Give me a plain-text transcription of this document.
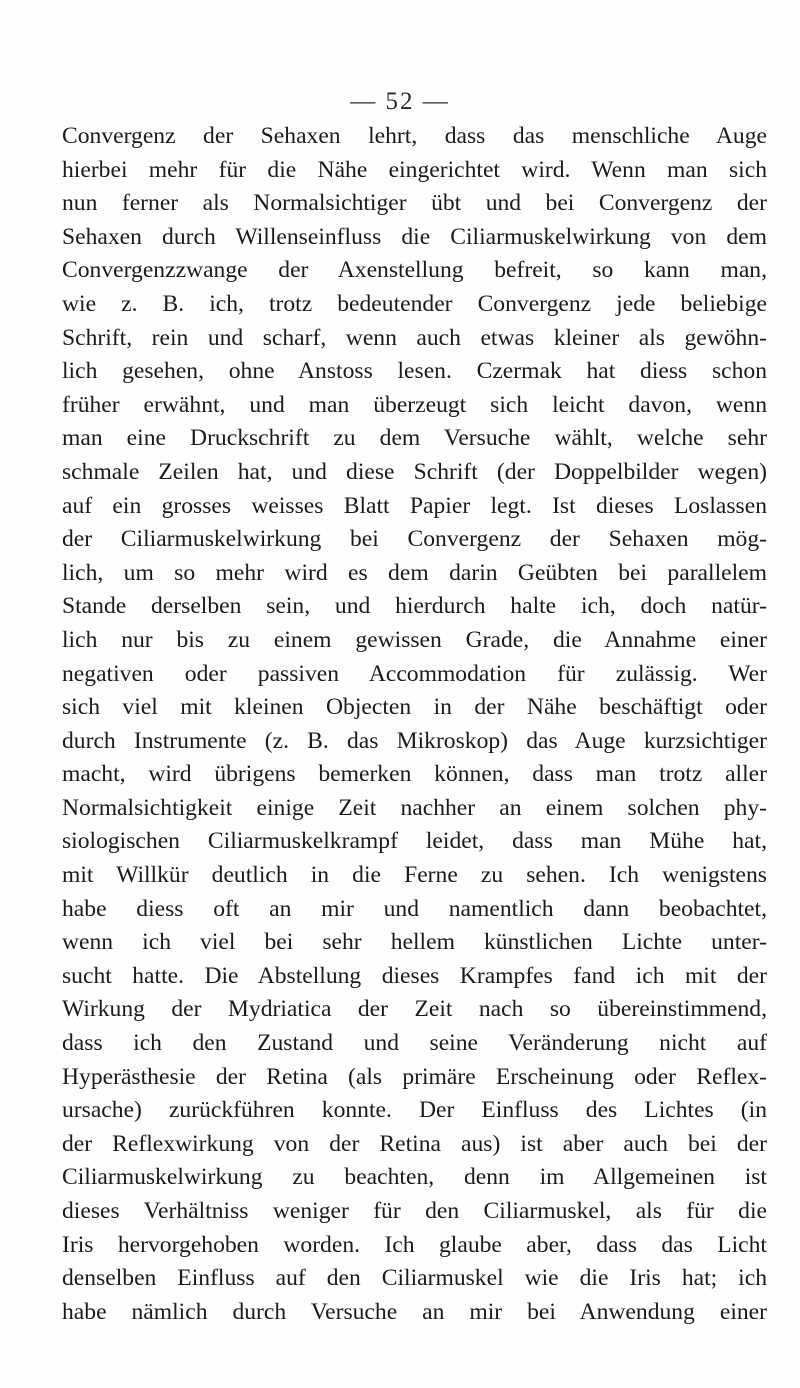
— 52 —
Convergenz der Sehaxen lehrt, dass das menschliche Auge
hierbei mehr für die Nähe eingerichtet wird. Wenn man sich
nun ferner als Normalsichtiger übt und bei Convergenz der
Sehaxen durch Willenseinfluss die Ciliarmuskelwirkung von dem
Convergenzzwange der Axenstellung befreit, so kann man,
wie z. B. ich, trotz bedeutender Convergenz jede beliebige
Schrift, rein und scharf, wenn auch etwas kleiner als gewöhn-
lich gesehen, ohne Anstoss lesen. Czermak hat diess schon
früher erwähnt, und man überzeugt sich leicht davon, wenn
man eine Druckschrift zu dem Versuche wählt, welche sehr
schmale Zeilen hat, und diese Schrift (der Doppelbilder wegen)
auf ein grosses weisses Blatt Papier legt. Ist dieses Loslassen
der Ciliarmuskelwirkung bei Convergenz der Sehaxen mög-
lich, um so mehr wird es dem darin Geübten bei parallelem
Stande derselben sein, und hierdurch halte ich, doch natür-
lich nur bis zu einem gewissen Grade, die Annahme einer
negativen oder passiven Accommodation für zulässig. Wer
sich viel mit kleinen Objecten in der Nähe beschäftigt oder
durch Instrumente (z. B. das Mikroskop) das Auge kurzsichtiger
macht, wird übrigens bemerken können, dass man trotz aller
Normalsichtigkeit einige Zeit nachher an einem solchen phy-
siologischen Ciliarmuskelkrampf leidet, dass man Mühe hat,
mit Willkür deutlich in die Ferne zu sehen. Ich wenigstens
habe diess oft an mir und namentlich dann beobachtet,
wenn ich viel bei sehr hellem künstlichen Lichte unter-
sucht hatte. Die Abstellung dieses Krampfes fand ich mit der
Wirkung der Mydriatica der Zeit nach so übereinstimmend,
dass ich den Zustand und seine Veränderung nicht auf
Hyperästhesie der Retina (als primäre Erscheinung oder Reflex-
ursache) zurückführen konnte. Der Einfluss des Lichtes (in
der Reflexwirkung von der Retina aus) ist aber auch bei der
Ciliarmuskelwirkung zu beachten, denn im Allgemeinen ist
dieses Verhältniss weniger für den Ciliarmuskel, als für die
Iris hervorgehoben worden. Ich glaube aber, dass das Licht
denselben Einfluss auf den Ciliarmuskel wie die Iris hat; ich
habe nämlich durch Versuche an mir bei Anwendung einer
